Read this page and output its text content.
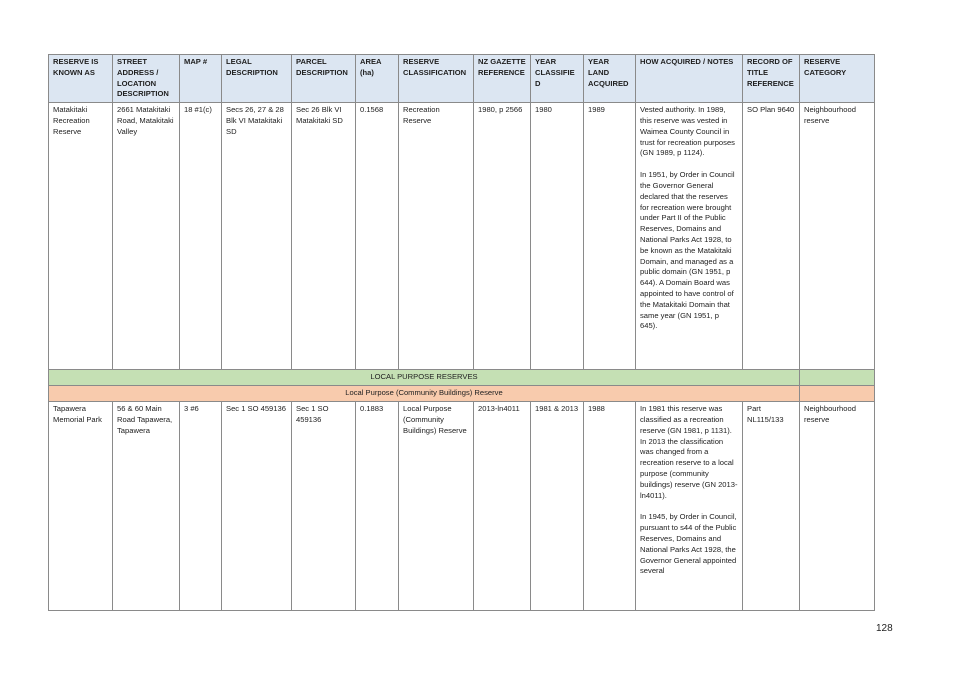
RESERVE IS KNOWN AS	STREET ADDRESS / LOCATION DESCRIPTION	MAP #	LEGAL DESCRIPTION	PARCEL DESCRIPTION	AREA (ha)	RESERVE CLASSIFICATION	NZ GAZETTE REFERENCE	YEAR CLASSIFIED	YEAR LAND ACQUIRED	HOW ACQUIRED / NOTES	RECORD OF TITLE REFERENCE	RESERVE CATEGORY
Matakitaki Recreation Reserve	2661 Matakitaki Road, Matakitaki Valley	18 #1(c)	Secs 26, 27 & 28 Blk VI Matakitaki SD	Sec 26 Blk VI Matakitaki SD	0.1568	Recreation Reserve	1980, p 2566	1980	1989	Vested authority. In 1989, this reserve was vested in Waimea County Council in trust for recreation purposes (GN 1989, p 1124).

In 1951, by Order in Council the Governor General declared that the reserves for recreation were brought under Part II of the Public Reserves, Domains and National Parks Act 1928, to be known as the Matakitaki Domain, and managed as a public domain (GN 1951, p 644). A Domain Board was appointed to have control of the Matakitaki Domain that same year (GN 1951, p 645).	SO Plan 9640	Neighbourhood reserve
LOCAL PURPOSE RESERVES												
Local Purpose (Community Buildings) Reserve												
Tapawera Memorial Park	56 & 60 Main Road Tapawera, Tapawera	3 #6	Sec 1 SO 459136	Sec 1 SO 459136	0.1883	Local Purpose (Community Buildings) Reserve	2013-ln4011	1981 & 2013	1988	In 1981 this reserve was classified as a recreation reserve (GN 1981, p 1131). In 2013 the classification was changed from a recreation reserve to a local purpose (community buildings) reserve (GN 2013-ln4011).

In 1945, by Order in Council, pursuant to s44 of the Public Reserves, Domains and National Parks Act 1928, the Governor General appointed several	Part NL115/133	Neighbourhood reserve
128
